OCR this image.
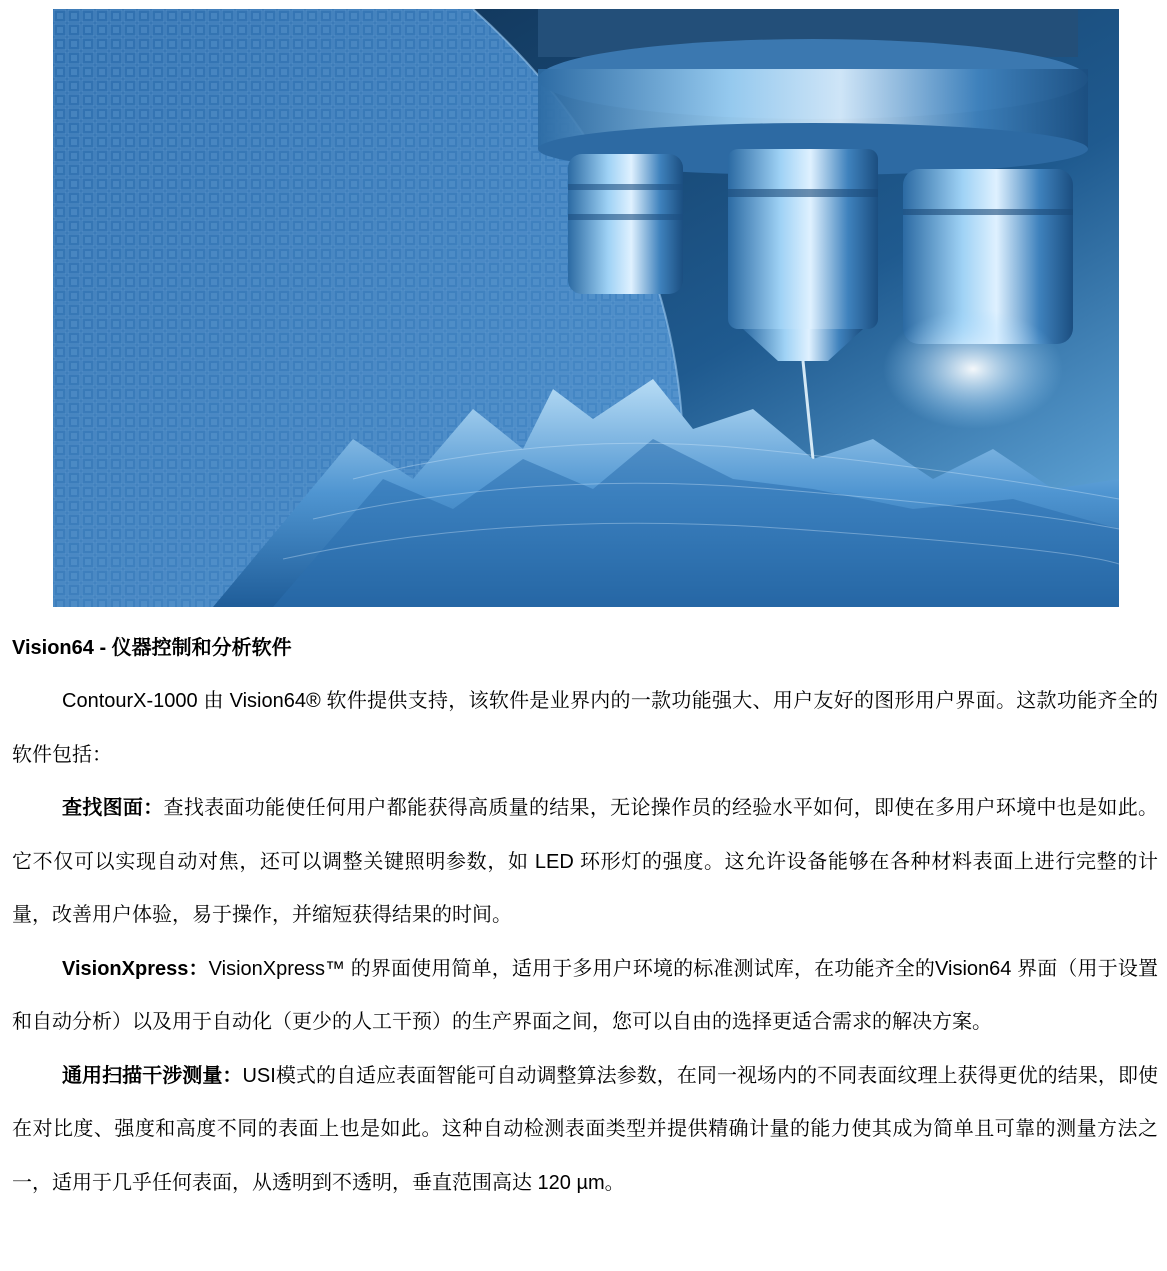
Vision64 - 仪器控制和分析软件

ContourX-1000 由 Vision64® 软件提供支持，该软件是业界内的一款功能强大、用户友好的图形用户界面。这款功能齐全的软件包括：

查找图面：查找表面功能使任何用户都能获得高质量的结果，无论操作员的经验水平如何，即使在多用户环境中也是如此。它不仅可以实现自动对焦，还可以调整关键照明参数，如 LED 环形灯的强度。这允许设备能够在各种材料表面上进行完整的计量，改善用户体验，易于操作，并缩短获得结果的时间。

VisionXpress：VisionXpress™ 的界面使用简单，适用于多用户环境的标准测试库，在功能齐全的Vision64 界面（用于设置和自动分析）以及用于自动化（更少的人工干预）的生产界面之间，您可以自由的选择更适合需求的解决方案。

通用扫描干涉测量：USI模式的自适应表面智能可自动调整算法参数，在同一视场内的不同表面纹理上获得更优的结果，即使在对比度、强度和高度不同的表面上也是如此。这种自动检测表面类型并提供精确计量的能力使其成为简单且可靠的测量方法之一，适用于几乎任何表面，从透明到不透明，垂直范围高达 120 µm。
